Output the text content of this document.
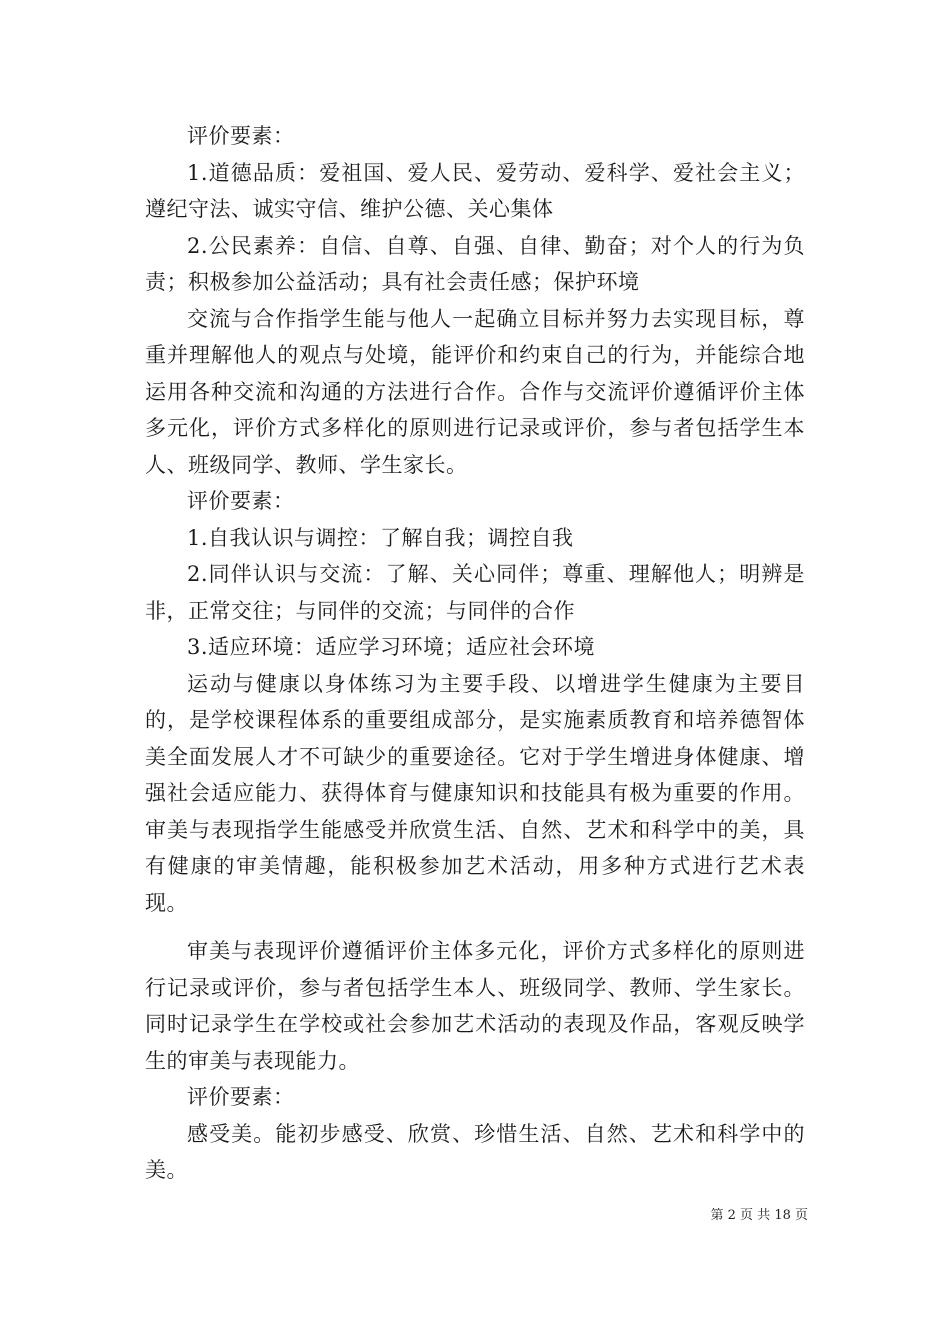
评价要素：

1.道德品质：爱祖国、爱人民、爱劳动、爱科学、爱社会主义；遵纪守法、诚实守信、维护公德、关心集体

2.公民素养：自信、自尊、自强、自律、勤奋；对个人的行为负责；积极参加公益活动；具有社会责任感；保护环境

交流与合作指学生能与他人一起确立目标并努力去实现目标，尊重并理解他人的观点与处境，能评价和约束自己的行为，并能综合地运用各种交流和沟通的方法进行合作。合作与交流评价遵循评价主体多元化，评价方式多样化的原则进行记录或评价，参与者包括学生本人、班级同学、教师、学生家长。

评价要素：

1.自我认识与调控：了解自我；调控自我

2.同伴认识与交流：了解、关心同伴；尊重、理解他人；明辨是非，正常交往；与同伴的交流；与同伴的合作

3.适应环境：适应学习环境；适应社会环境

运动与健康以身体练习为主要手段、以增进学生健康为主要目的，是学校课程体系的重要组成部分，是实施素质教育和培养德智体美全面发展人才不可缺少的重要途径。它对于学生增进身体健康、增强社会适应能力、获得体育与健康知识和技能具有极为重要的作用。审美与表现指学生能感受并欣赏生活、自然、艺术和科学中的美，具有健康的审美情趣，能积极参加艺术活动，用多种方式进行艺术表现。

审美与表现评价遵循评价主体多元化，评价方式多样化的原则进行记录或评价，参与者包括学生本人、班级同学、教师、学生家长。同时记录学生在学校或社会参加艺术活动的表现及作品，客观反映学生的审美与表现能力。

评价要素：

感受美。能初步感受、欣赏、珍惜生活、自然、艺术和科学中的美。

第 2 页 共 18 页
